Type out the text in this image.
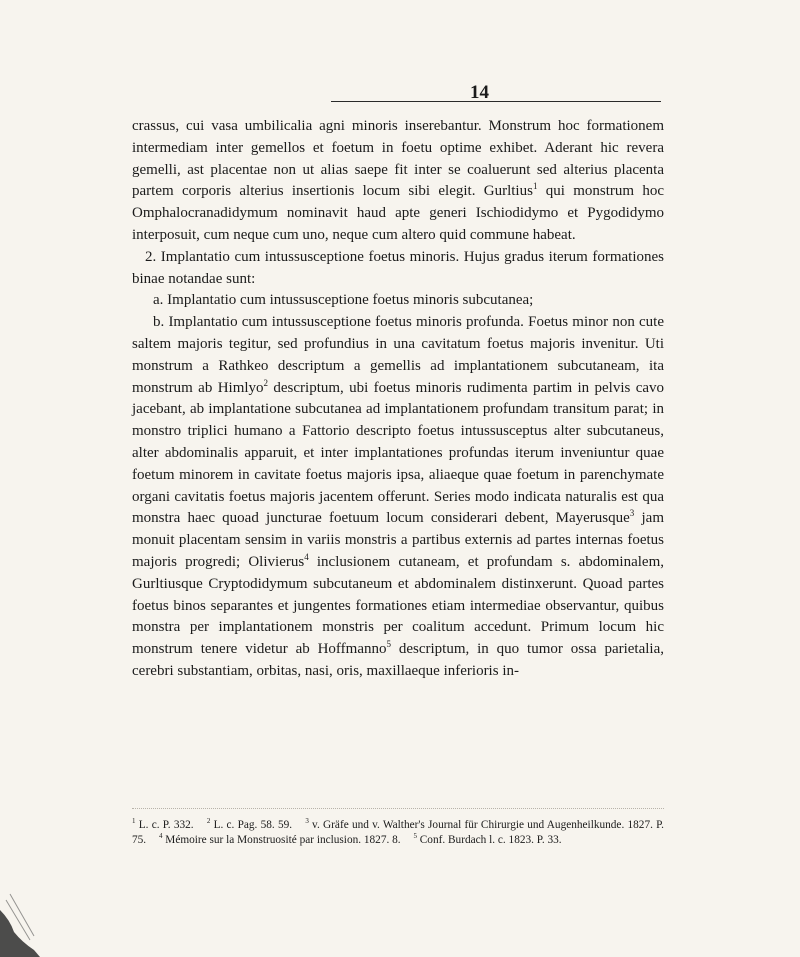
14

crassus, cui vasa umbilicalia agni minoris inserebantur. Monstrum hoc formationem intermediam inter gemellos et foetum in foetu optime exhibet. Aderant hic revera gemelli, ast placentae non ut alias saepe fit inter se coaluerunt sed alterius placenta partem corporis alterius insertionis locum sibi elegit. Gurltius$^1$ qui monstrum hoc Omphalocranadidymum nominavit haud apte generi Ischiodidymo et Pygodidymo interposuit, cum neque cum uno, neque cum altero quid commune habeat.

2. Implantatio cum intussusceptione foetus minoris. Hujus gradus iterum formationes binae notandae sunt:

a. Implantatio cum intussusceptione foetus minoris subcutanea;

b. Implantatio cum intussusceptione foetus minoris profunda. Foetus minor non cute saltem majoris tegitur, sed profundius in una cavitatum foetus majoris invenitur. Uti monstrum a Rathkeo descriptum a gemellis ad implantationem subcutaneam, ita monstrum ab Himlyo$^2$ descriptum, ubi foetus minoris rudimenta partim in pelvis cavo jacebant, ab implantatione subcutanea ad implantationem profundam transitum parat; in monstro triplici humano a Fattorio descripto foetus intussusceptus alter subcutaneus, alter abdominalis apparuit, et inter implantationes profundas iterum inveniuntur quae foetum minorem in cavitate foetus majoris ipsa, aliaeque quae foetum in parenchymate organi cavitatis foetus majoris jacentem offerunt. Series modo indicata naturalis est qua monstra haec quoad juncturae foetuum locum considerari debent, Mayerusque$^3$ jam monuit placentam sensim in variis monstris a partibus externis ad partes internas foetus majoris progredi; Olivierus$^4$ inclusionem cutaneam, et profundam s. abdominalem, Gurltiusque Cryptodidymum subcutaneum et abdominalem distinxerunt. Quoad partes foetus binos separantes et jungentes formationes etiam intermediae observantur, quibus monstra per implantationem monstris per coalitum accedunt. Primum locum hic monstrum tenere videtur ab Hoffmanno$^5$ descriptum, in quo tumor ossa parietalia, cerebri substantiam, orbitas, nasi, oris, maxillaeque inferioris in-

$^1$ L. c. P. 332. $^2$ L. c. Pag. 58. 59. $^3$ v. Gräfe und v. Walther's Journal für Chirurgie und Augenheilkunde. 1827. P. 75. $^4$ Mémoire sur la Monstruosité par inclusion. 1827. 8. $^5$ Conf. Burdach l. c. 1823. P. 33.
